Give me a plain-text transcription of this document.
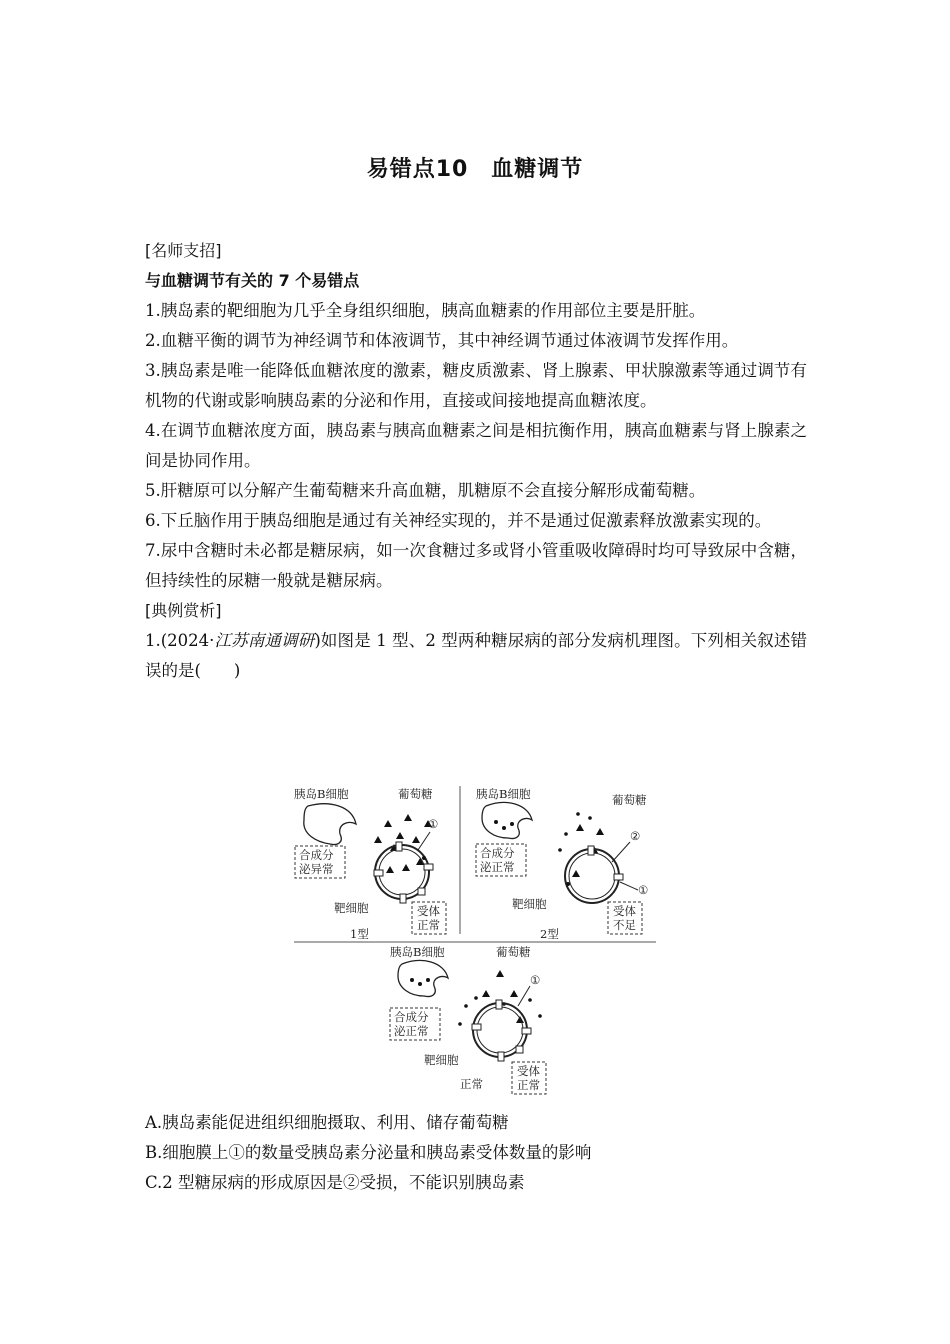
易错点10　血糖调节

[名师支招]

与血糖调节有关的 7 个易错点

1.胰岛素的靶细胞为几乎全身组织细胞，胰高血糖素的作用部位主要是肝脏。

2.血糖平衡的调节为神经调节和体液调节，其中神经调节通过体液调节发挥作用。

3.胰岛素是唯一能降低血糖浓度的激素，糖皮质激素、肾上腺素、甲状腺激素等通过调节有机物的代谢或影响胰岛素的分泌和作用，直接或间接地提高血糖浓度。

4.在调节血糖浓度方面，胰岛素与胰高血糖素之间是相抗衡作用，胰高血糖素与肾上腺素之间是协同作用。

5.肝糖原可以分解产生葡萄糖来升高血糖，肌糖原不会直接分解形成葡萄糖。

6.下丘脑作用于胰岛细胞是通过有关神经实现的，并不是通过促激素释放激素实现的。

7.尿中含糖时未必都是糖尿病，如一次食糖过多或肾小管重吸收障碍时均可导致尿中含糖，但持续性的尿糖一般就是糖尿病。

[典例赏析]

1.(2024·江苏南通调研)如图是 1 型、2 型两种糖尿病的部分发病机理图。下列相关叙述错误的是(　　)

胰岛B细胞	葡萄糖
合成分
泌异常
①
靶细胞	受体
正常
1型
胰岛B细胞	葡萄糖
合成分
泌正常
②
①
靶细胞	受体
不足
2型
胰岛B细胞	葡萄糖
合成分
泌正常
①
靶细胞
受体
正常
正常

A.胰岛素能促进组织细胞摄取、利用、储存葡萄糖

B.细胞膜上①的数量受胰岛素分泌量和胰岛素受体数量的影响

C.2 型糖尿病的形成原因是②受损，不能识别胰岛素
